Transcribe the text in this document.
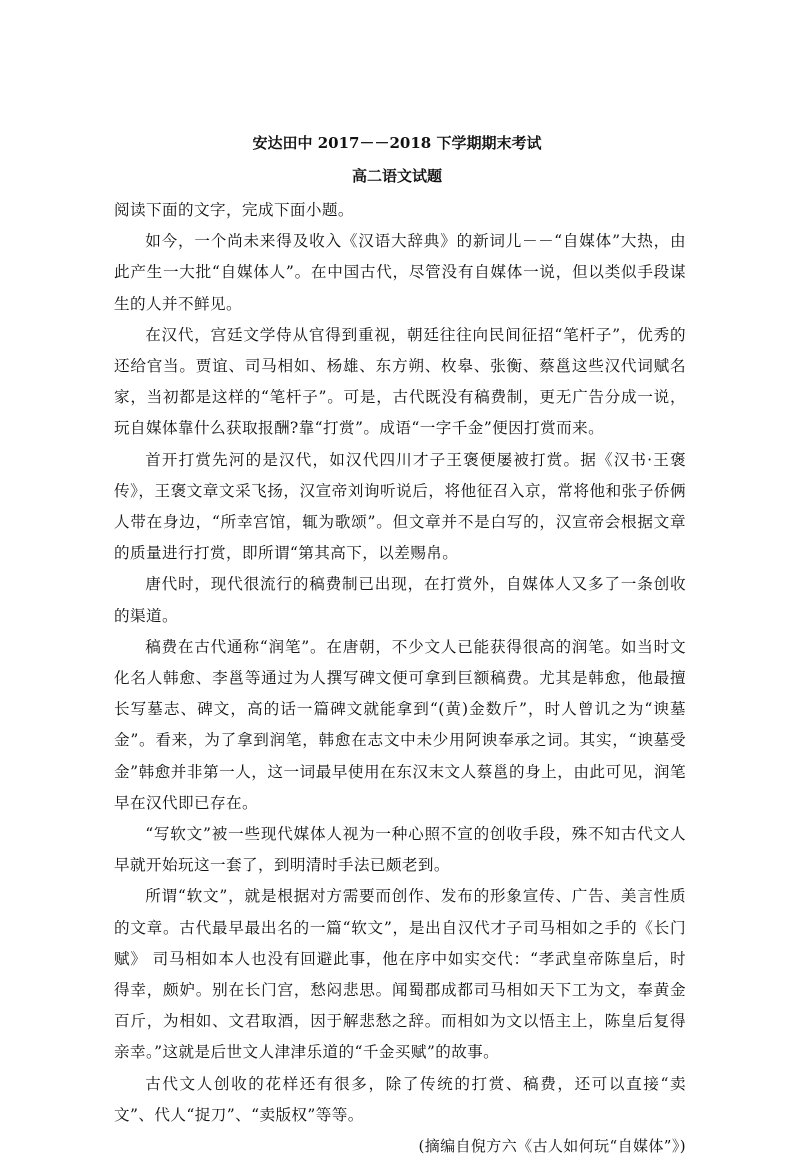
安达田中 2017－－2018 下学期期末考试
高二语文试题

阅读下面的文字，完成下面小题。

如今，一个尚未来得及收入《汉语大辞典》的新词儿－－“自媒体”大热，由此产生一大批“自媒体人”。在中国古代，尽管没有自媒体一说，但以类似手段谋生的人并不鲜见。

在汉代，宫廷文学侍从官得到重视，朝廷往往向民间征招“笔杆子”，优秀的还给官当。贾谊、司马相如、杨雄、东方朔、枚皋、张衡、蔡邕这些汉代词赋名家，当初都是这样的“笔杆子”。可是，古代既没有稿费制，更无广告分成一说，玩自媒体靠什么获取报酬?靠“打赏”。成语“一字千金”便因打赏而来。

首开打赏先河的是汉代，如汉代四川才子王褒便屡被打赏。据《汉书·王褒传》，王褒文章文采飞扬，汉宣帝刘询听说后，将他征召入京，常将他和张子侨俩人带在身边，“所幸宫馆，辄为歌颂”。但文章并不是白写的，汉宣帝会根据文章的质量进行打赏，即所谓“第其高下，以差赐帛。

唐代时，现代很流行的稿费制已出现，在打赏外，自媒体人又多了一条创收的渠道。

稿费在古代通称“润笔”。在唐朝，不少文人已能获得很高的润笔。如当时文化名人韩愈、李邕等通过为人撰写碑文便可拿到巨额稿费。尤其是韩愈，他最擅长写墓志、碑文，高的话一篇碑文就能拿到“(黄)金数斤”，时人曾讥之为“谀墓金”。看来，为了拿到润笔，韩愈在志文中未少用阿谀奉承之词。其实，“谀墓受金”韩愈并非第一人，这一词最早使用在东汉末文人蔡邕的身上，由此可见，润笔早在汉代即已存在。

“写软文”被一些现代媒体人视为一种心照不宣的创收手段，殊不知古代文人早就开始玩这一套了，到明清时手法已颇老到。

所谓“软文”，就是根据对方需要而创作、发布的形象宣传、广告、美言性质的文章。古代最早最出名的一篇“软文”，是出自汉代才子司马相如之手的《长门赋》 司马相如本人也没有回避此事，他在序中如实交代：“孝武皇帝陈皇后，时得幸，颇妒。别在长门宫，愁闷悲思。闻蜀郡成都司马相如天下工为文，奉黄金百斤，为相如、文君取酒，因于解悲愁之辞。而相如为文以悟主上，陈皇后复得亲幸。”这就是后世文人津津乐道的“千金买赋”的故事。

古代文人创收的花样还有很多，除了传统的打赏、稿费，还可以直接“卖文”、代人“捉刀”、“卖版权”等等。

(摘编自倪方六《古人如何玩“自媒体”》)
